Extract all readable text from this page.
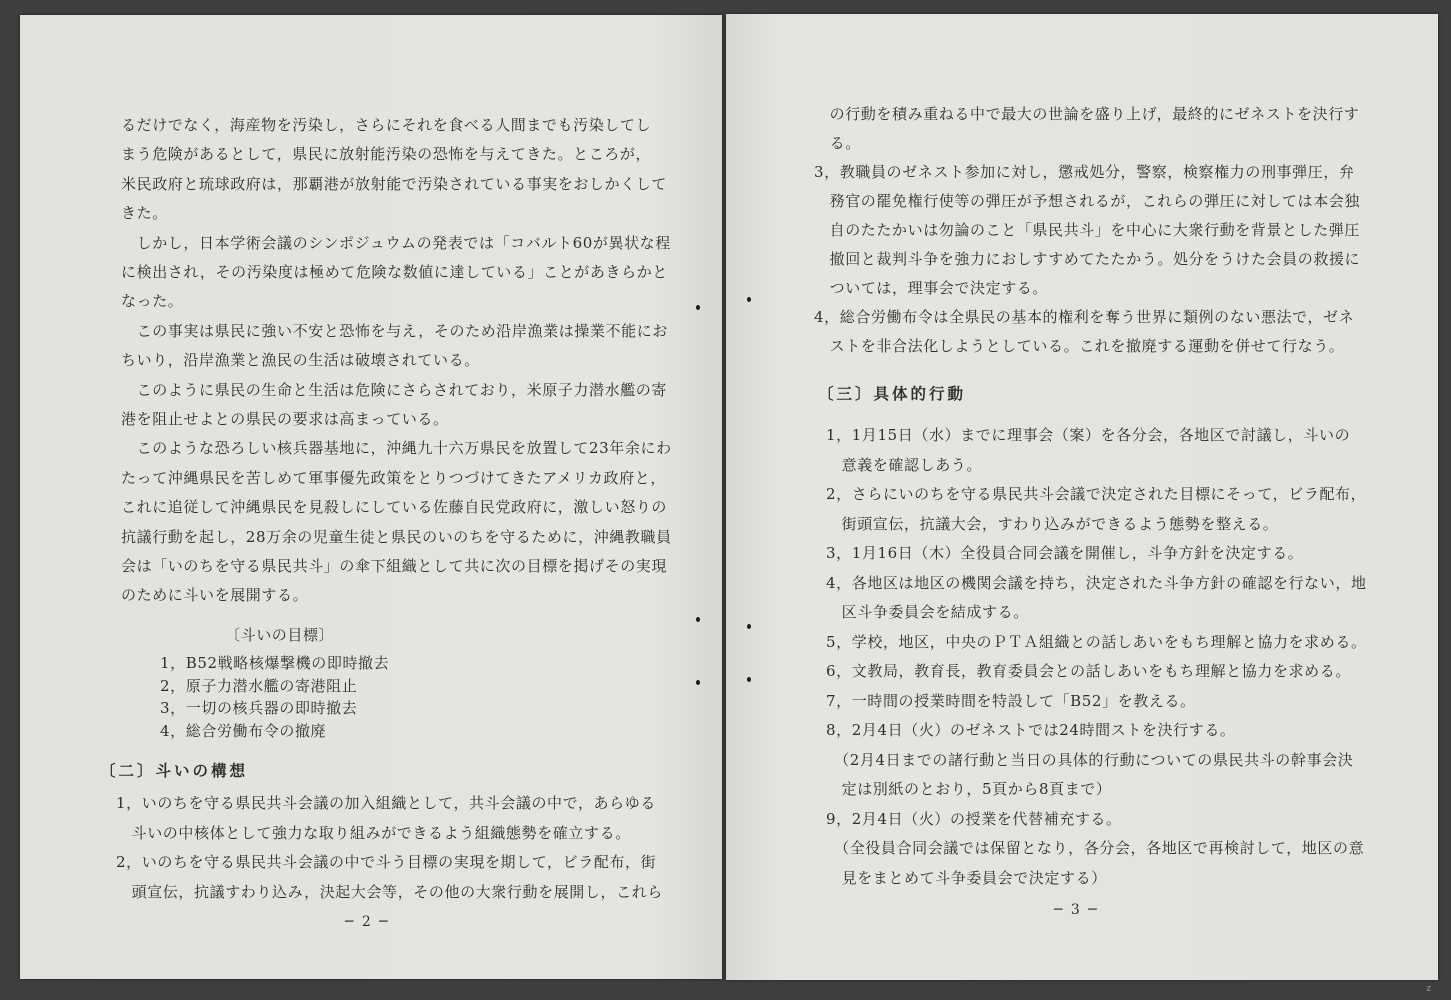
るだけでなく，海産物を汚染し，さらにそれを食べる人間までも汚染してし
まう危険があるとして，県民に放射能汚染の恐怖を与えてきた。ところが，
米民政府と琉球政府は，那覇港が放射能で汚染されている事実をおしかくして
きた。
　しかし，日本学術会議のシンポジュウムの発表では「コバルト60が異状な程
に検出され，その汚染度は極めて危険な数値に達している」ことがあきらかと
なった。
　この事実は県民に強い不安と恐怖を与え，そのため沿岸漁業は操業不能にお
ちいり，沿岸漁業と漁民の生活は破壊されている。
　このように県民の生命と生活は危険にさらされており，米原子力潜水艦の寄
港を阻止せよとの県民の要求は高まっている。
　このような恐ろしい核兵器基地に，沖縄九十六万県民を放置して23年余にわ
たって沖縄県民を苦しめて軍事優先政策をとりつづけてきたアメリカ政府と，
これに追従して沖縄県民を見殺しにしている佐藤自民党政府に，激しい怒りの
抗議行動を起し，28万余の児童生徒と県民のいのちを守るために，沖縄教職員
会は「いのちを守る県民共斗」の傘下組織として共に次の目標を掲げその実現
のために斗いを展開する。
〔斗いの目標〕
1，B52戦略核爆撃機の即時撤去
2，原子力潜水艦の寄港阻止
3，一切の核兵器の即時撤去
4，総合労働布令の撤廃
〔二〕斗いの構想
1，いのちを守る県民共斗会議の加入組織として，共斗会議の中で，あらゆる
　斗いの中核体として強力な取り組みができるよう組織態勢を確立する。
2，いのちを守る県民共斗会議の中で斗う目標の実現を期して，ビラ配布，街
　頭宣伝，抗議すわり込み，決起大会等，その他の大衆行動を展開し，これら
─ 2 ─
　の行動を積み重ねる中で最大の世論を盛り上げ，最終的にゼネストを決行す
　る。
3，教職員のゼネスト参加に対し，懲戒処分，警察，検察権力の刑事弾圧，弁
　務官の罷免権行使等の弾圧が予想されるが，これらの弾圧に対しては本会独
　自のたたかいは勿論のこと「県民共斗」を中心に大衆行動を背景とした弾圧
　撤回と裁判斗争を強力におしすすめてたたかう。処分をうけた会員の救援に
　ついては，理事会で決定する。
4，総合労働布令は全県民の基本的権利を奪う世界に類例のない悪法で，ゼネ
　ストを非合法化しようとしている。これを撤廃する運動を併せて行なう。
〔三〕具体的行動
1，1月15日（水）までに理事会（案）を各分会，各地区で討議し，斗いの
　意義を確認しあう。
2，さらにいのちを守る県民共斗会議で決定された目標にそって，ビラ配布，
　街頭宣伝，抗議大会，すわり込みができるよう態勢を整える。
3，1月16日（木）全役員合同会議を開催し，斗争方針を決定する。
4，各地区は地区の機関会議を持ち，決定された斗争方針の確認を行ない，地
　区斗争委員会を結成する。
5，学校，地区，中央のＰＴＡ組織との話しあいをもち理解と協力を求める。
6，文教局，教育長，教育委員会との話しあいをもち理解と協力を求める。
7，一時間の授業時間を特設して「B52」を教える。
8，2月4日（火）のゼネストでは24時間ストを決行する。
　（2月4日までの諸行動と当日の具体的行動についての県民共斗の幹事会決
　定は別紙のとおり，5頁から8頁まで）
9，2月4日（火）の授業を代替補充する。
　（全役員合同会議では保留となり，各分会，各地区で再検討して，地区の意
　見をまとめて斗争委員会で決定する）
─ 3 ─
z
